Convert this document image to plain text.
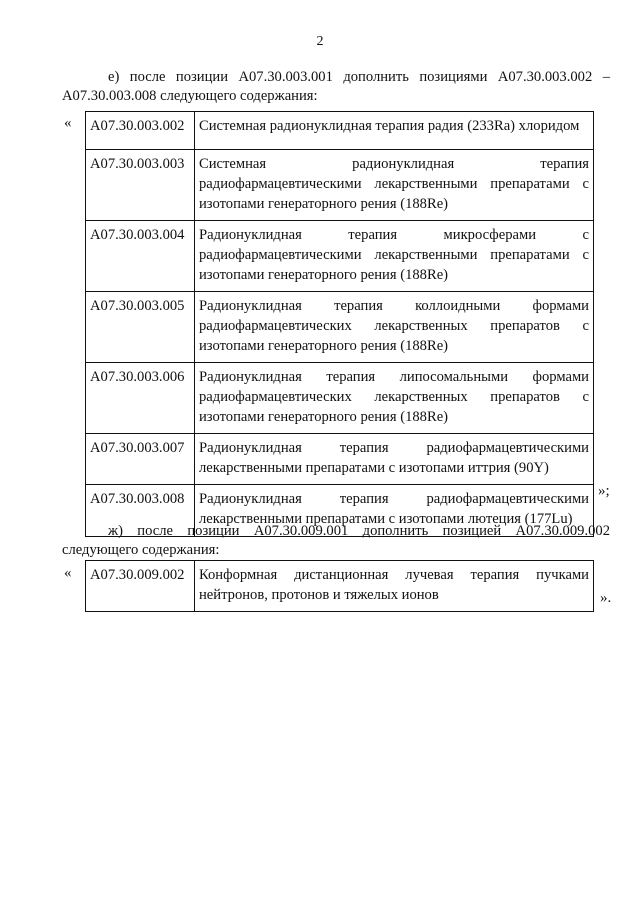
2
е) после позиции А07.30.003.001 дополнить позициями А07.30.003.002 – А07.30.003.008 следующего содержания:
« А07.30.003.002	Системная радионуклидная терапия радия (233Ra) хлоридом
А07.30.003.003	Системная радионуклидная терапия радиофармацевтическими лекарственными препаратами с изотопами генераторного рения (188Re)
А07.30.003.004	Радионуклидная терапия микросферами с радиофармацевтическими лекарственными препаратами с изотопами генераторного рения (188Re)
А07.30.003.005	Радионуклидная терапия коллоидными формами радиофармацевтических лекарственных препаратов с изотопами генераторного рения (188Re)
А07.30.003.006	Радионуклидная терапия липосомальными формами радиофармацевтических лекарственных препаратов с изотопами генераторного рения (188Re)
А07.30.003.007	Радионуклидная терапия радиофармацевтическими лекарственными препаратами с изотопами иттрия (90Y)
А07.30.003.008	Радионуклидная терапия радиофармацевтическими лекарственными препаратами с изотопами лютеция (177Lu)
»;
ж) после позиции А07.30.009.001 дополнить позицией А07.30.009.002 следующего содержания:
« А07.30.009.002	Конформная дистанционная лучевая терапия пучками нейтронов, протонов и тяжелых ионов	».
